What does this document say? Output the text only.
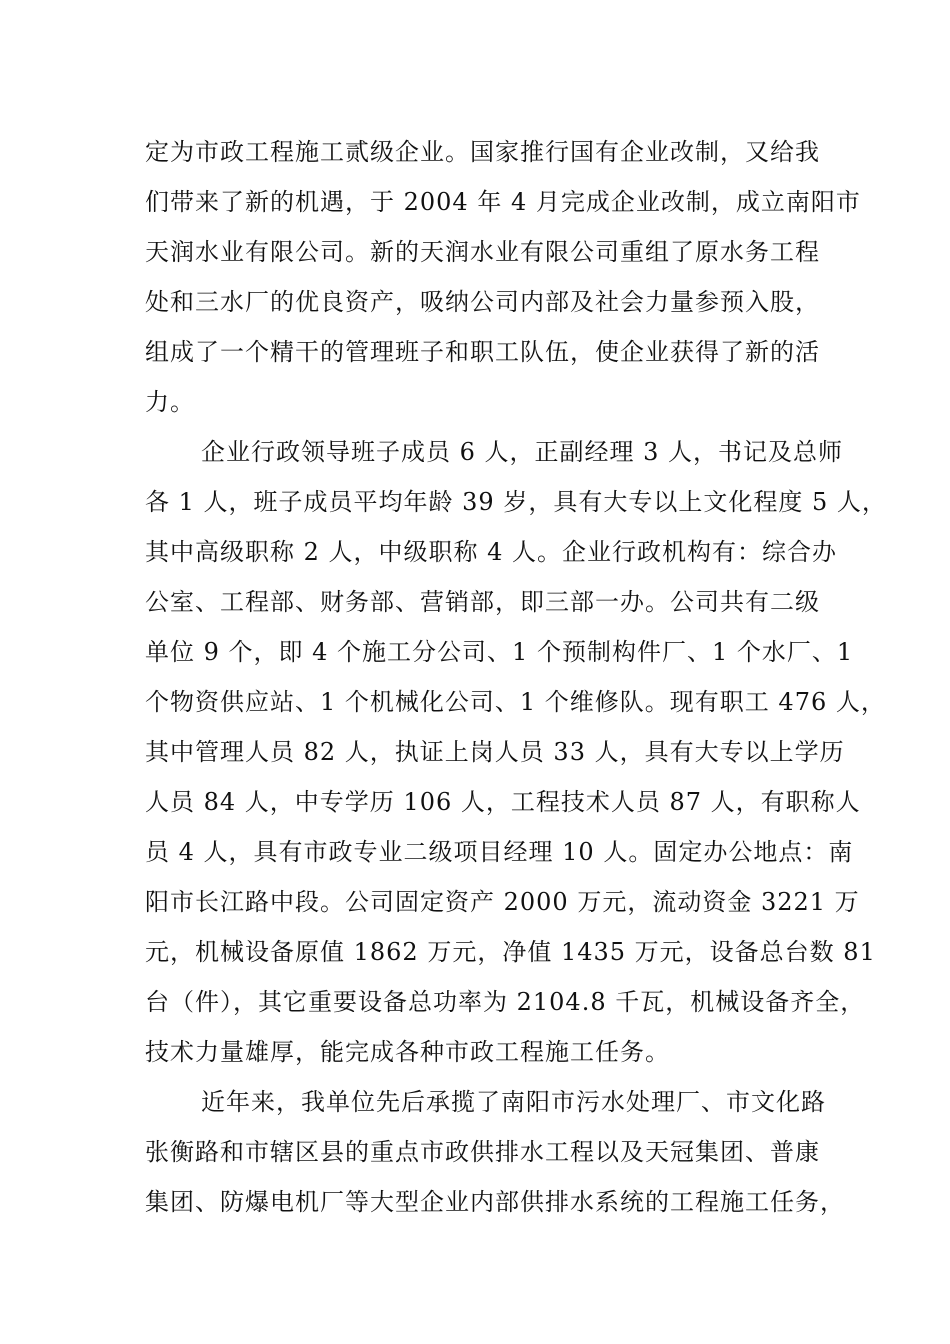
定为市政工程施工贰级企业。国家推行国有企业改制，又给我
们带来了新的机遇，于 2004 年 4 月完成企业改制，成立南阳市
天润水业有限公司。新的天润水业有限公司重组了原水务工程
处和三水厂的优良资产，吸纳公司内部及社会力量参预入股，
组成了一个精干的管理班子和职工队伍，使企业获得了新的活
力。
企业行政领导班子成员 6 人，正副经理 3 人，书记及总师
各 1 人，班子成员平均年龄 39 岁，具有大专以上文化程度 5 人，
其中高级职称 2 人，中级职称 4 人。企业行政机构有：综合办
公室、工程部、财务部、营销部，即三部一办。公司共有二级
单位 9 个，即 4 个施工分公司、1 个预制构件厂、1 个水厂、1
个物资供应站、1 个机械化公司、1 个维修队。现有职工 476 人，
其中管理人员 82 人，执证上岗人员 33 人，具有大专以上学历
人员 84 人，中专学历 106 人，工程技术人员 87 人，有职称人
员 4 人，具有市政专业二级项目经理 10 人。固定办公地点：南
阳市长江路中段。公司固定资产 2000 万元，流动资金 3221 万
元，机械设备原值 1862 万元，净值 1435 万元，设备总台数 81
台（件），其它重要设备总功率为 2104.8 千瓦，机械设备齐全，
技术力量雄厚，能完成各种市政工程施工任务。
近年来，我单位先后承揽了南阳市污水处理厂、市文化路
张衡路和市辖区县的重点市政供排水工程以及天冠集团、普康
集团、防爆电机厂等大型企业内部供排水系统的工程施工任务，
